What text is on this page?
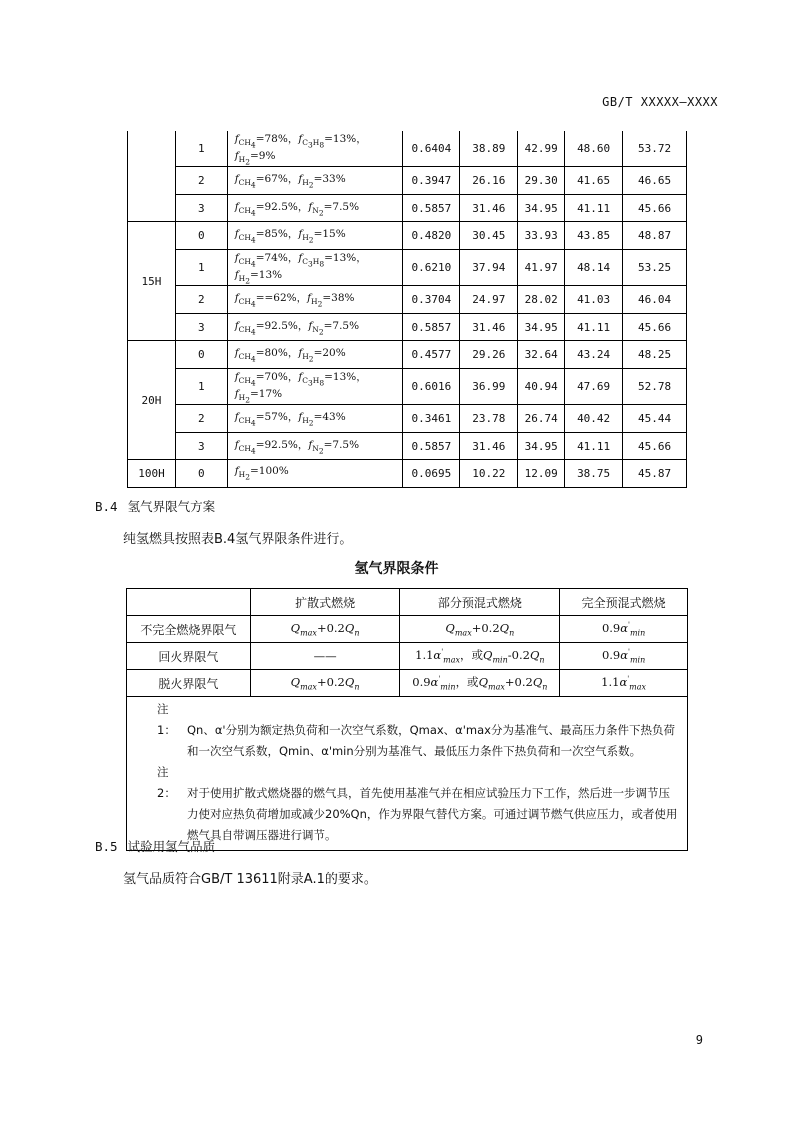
GB/T XXXXX—XXXX
	1	$f_{CH_4}=78\%$，$f_{C_3H_8}=13\%$，$f_{H_2}=9\%$	0.6404	38.89	42.99	48.60	53.72
	2	$f_{CH_4}=67\%$，$f_{H_2}=33\%$	0.3947	26.16	29.30	41.65	46.65
	3	$f_{CH_4}=92.5\%$，$f_{N_2}=7.5\%$	0.5857	31.46	34.95	41.11	45.66
15H	0	$f_{CH_4}=85\%$，$f_{H_2}=15\%$	0.4820	30.45	33.93	43.85	48.87
	1	$f_{CH_4}=74\%$，$f_{C_3H_8}=13\%$，$f_{H_2}=13\%$	0.6210	37.94	41.97	48.14	53.25
	2	$f_{CH_4}==62\%$，$f_{H_2}=38\%$	0.3704	24.97	28.02	41.03	46.04
	3	$f_{CH_4}=92.5\%$，$f_{N_2}=7.5\%$	0.5857	31.46	34.95	41.11	45.66
20H	0	$f_{CH_4}=80\%$，$f_{H_2}=20\%$	0.4577	29.26	32.64	43.24	48.25
	1	$f_{CH_4}=70\%$，$f_{C_3H_8}=13\%$，$f_{H_2}=17\%$	0.6016	36.99	40.94	47.69	52.78
	2	$f_{CH_4}=57\%$，$f_{H_2}=43\%$	0.3461	23.78	26.74	40.42	45.44
	3	$f_{CH_4}=92.5\%$，$f_{N_2}=7.5\%$	0.5857	31.46	34.95	41.11	45.66
100H	0	$f_{H_2}=100\%$	0.0695	10.22	12.09	38.75	45.87
B.4 氢气界限气方案
纯氢燃具按照表B.4氢气界限条件进行。
氢气界限条件
	扩散式燃烧	部分预混式燃烧	完全预混式燃烧
不完全燃烧界限气	$Q_{max}+0.2Q_n$	$Q_{max}+0.2Q_n$	$0.9\alpha'_{min}$
回火界限气	——	$1.1\alpha'_{max}$，或$Q_{min}-0.2Q_n$	$0.9\alpha'_{min}$
脱火界限气	$Q_{max}+0.2Q_n$	$0.9\alpha'_{min}$，或$Q_{max}+0.2Q_n$	$1.1\alpha'_{max}$

注1： Qn、α'分别为额定热负荷和一次空气系数，Qmax、α'max分为基准气、最高压力条件下热负荷和一次空气系数，Qmin、α'min分别为基准气、最低压力条件下热负荷和一次空气系数。
注2： 对于使用扩散式燃烧器的燃气具，首先使用基准气并在相应试验压力下工作，然后进一步调节压力使对应热负荷增加或减少20%Qn，作为界限气替代方案。可通过调节燃气供应压力，或者使用燃气具自带调压器进行调节。			
B.5 试验用氢气品质
氢气品质符合GB/T 13611附录A.1的要求。
9
